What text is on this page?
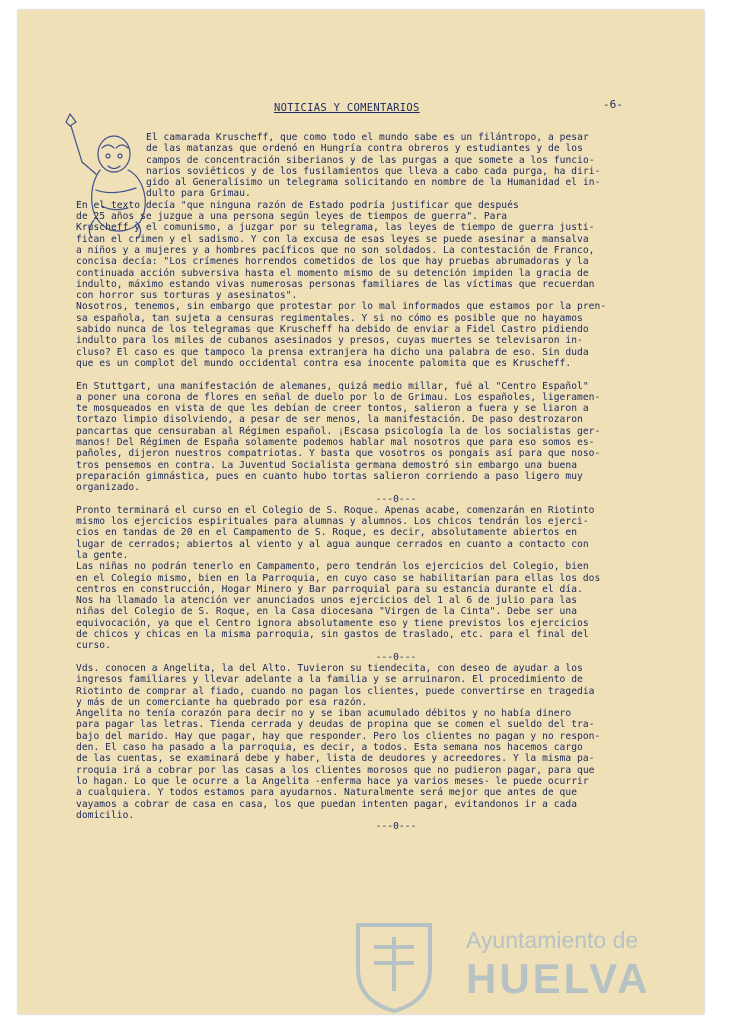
NOTICIAS Y COMENTARIOS	-6-

El camarada Kruscheff, que como todo el mundo sabe es un filántropo, a pesar

de las matanzas que ordenó en Hungría contra obreros y estudiantes y de los

campos de concentración siberianos y de las purgas a que somete a los funcio-

narios soviéticos y de los fusilamientos que lleva a cabo cada purga, ha diri-

gido al Generalísimo un telegrama solicitando en nombre de la Humanidad el in-

dulto para Grimau.

En el texto decía "que ninguna razón de Estado podría justificar que después

de 25 años se juzgue a una persona según leyes de tiempos de guerra". Para

Kruscheff y el comunismo, a juzgar por su telegrama, las leyes de tiempo de guerra justi-

fican el crimen y el sadismo. Y con la excusa de esas leyes se puede asesinar a mansalva

a niños y a mujeres y a hombres pacíficos que no son soldados. La contestación de Franco,

concisa decía: "Los crímenes horrendos cometidos de los que hay pruebas abrumadoras y la

continuada acción subversiva hasta el momento mismo de su detención impiden la gracia de

indulto, máximo estando vivas numerosas personas familiares de las víctimas que recuerdan

con horror sus torturas y asesinatos".

Nosotros, tenemos, sin embargo que protestar por lo mal informados que estamos por la pren-

sa española, tan sujeta a censuras regimentales. Y si no cómo es posible que no hayamos

sabido nunca de los telegramas que Kruscheff ha debido de enviar a Fidel Castro pidiendo

indulto para los miles de cubanos asesinados y presos, cuyas muertes se televisaron in-

cluso? El caso es que tampoco la prensa extranjera ha dicho una palabra de eso. Sin duda

que es un complot del mundo occidental contra esa inocente palomita que es Kruscheff.

En Stuttgart, una manifestación de alemanes, quizá medio millar, fué al "Centro Español"

a poner una corona de flores en señal de duelo por lo de Grimau. Los españoles, ligeramen-

te mosqueados en vista de que les debían de creer tontos, salieron a fuera y se liaron a

tortazo limpio disolviendo, a pesar de ser menos, la manifestación. De paso destrozaron

pancartas que censuraban al Régimen español. ¡Escasa psicología la de los socialistas ger-

manos! Del Régimen de España solamente podemos hablar mal nosotros que para eso somos es-

pañoles, dijeron nuestros compatriotas. Y basta que vosotros os pongais así para que noso-

tros pensemos en contra. La Juventud Socialista germana demostró sin embargo una buena

preparación gimnástica, pues en cuanto hubo tortas salieron corriendo a paso ligero muy

organizado.

---0---

Pronto terminará el curso en el Colegio de S. Roque. Apenas acabe, comenzarán en Riotinto

mismo los ejercicios espirituales para alumnas y alumnos. Los chicos tendrán los ejerci-

cios en tandas de 20 en el Campamento de S. Roque, es decir, absolutamente abiertos en

lugar de cerrados; abiertos al viento y al agua aunque cerrados en cuanto a contacto con

la gente.

Las niñas no podrán tenerlo en Campamento, pero tendrán los ejercicios del Colegio, bien

en el Colegio mismo, bien en la Parroquia, en cuyo caso se habilitarían para ellas los dos

centros en construcción, Hogar Minero y Bar parroquial para su estancia durante el día.

Nos ha llamado la atención ver anunciados unos ejercicios del 1 al 6 de julio para las

niñas del Colegio de S. Roque, en la Casa diocesana "Virgen de la Cinta". Debe ser una

equivocación, ya que el Centro ignora absolutamente eso y tiene previstos los ejercicios

de chicos y chicas en la misma parroquia, sin gastos de traslado, etc. para el final del

curso.

---0---

Vds. conocen a Angelita, la del Alto. Tuvieron su tiendecita, con deseo de ayudar a los

ingresos familiares y llevar adelante a la familia y se arruinaron. El procedimiento de

Riotinto de comprar al fiado, cuando no pagan los clientes, puede convertirse en tragedia

y más de un comerciante ha quebrado por esa razón.

Angelita no tenía corazón para decir no y se iban acumulado débitos y no había dinero

para pagar las letras. Tienda cerrada y deudas de propina que se comen el sueldo del tra-

bajo del marido. Hay que pagar, hay que responder. Pero los clientes no pagan y no respon-

den. El caso ha pasado a la parroquia, es decir, a todos. Esta semana nos hacemos cargo

de las cuentas, se examinará debe y haber, lista de deudores y acreedores. Y la misma pa-

rroquia irá a cobrar por las casas a los clientes morosos que no pudieron pagar, para que

lo hagan. Lo que le ocurre a la Angelita -enferma hace ya varios meses- le puede ocurrir

a cualquiera. Y todos estamos para ayudarnos. Naturalmente será mejor que antes de que

vayamos a cobrar de casa en casa, los que puedan intenten pagar, evitandonos ir a cada

domicilio.

---0---

Ayuntamiento de
HUELVA
